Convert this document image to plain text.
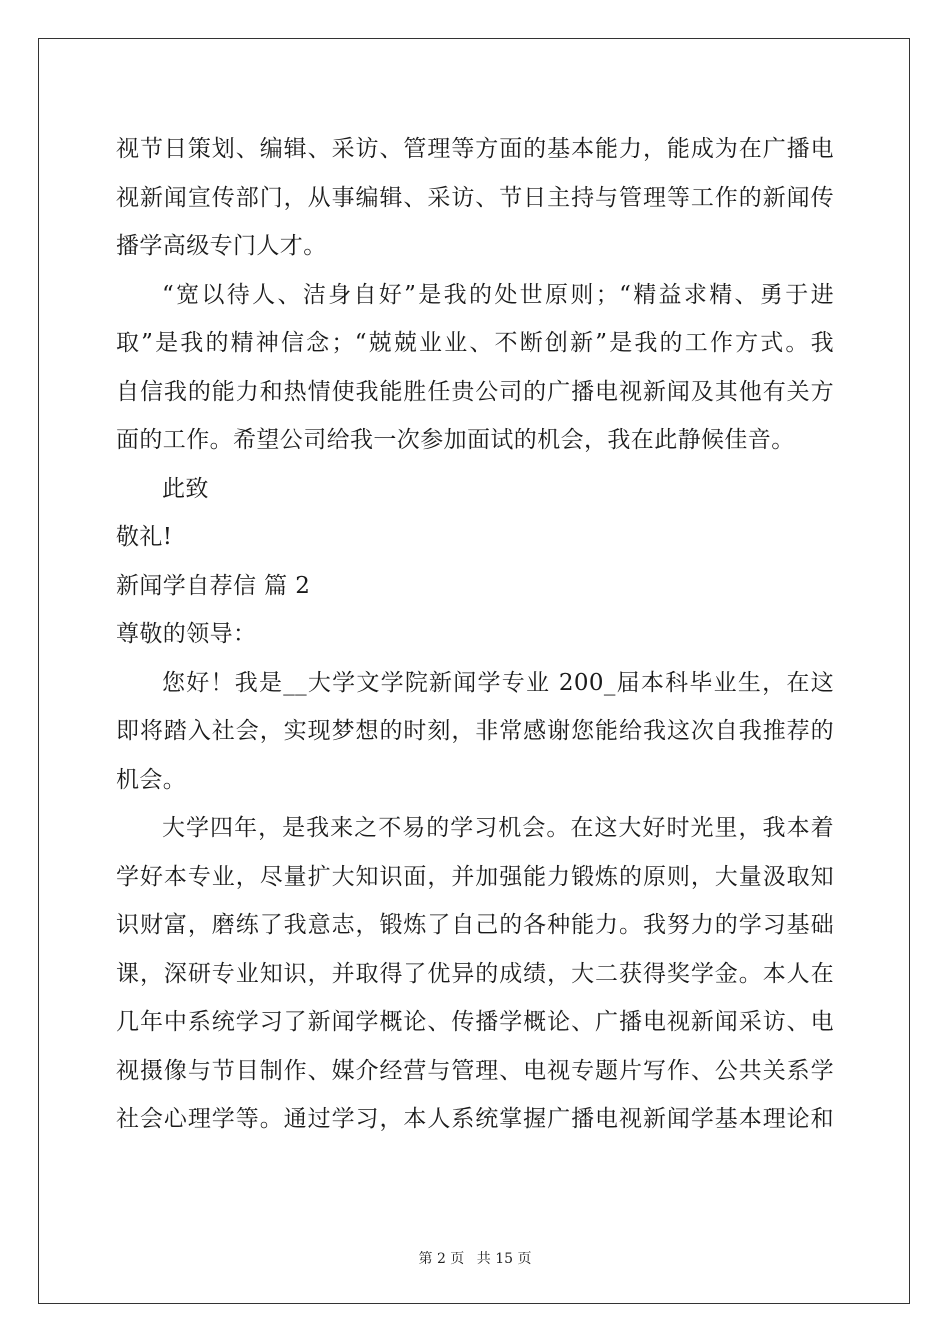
视节日策划、编辑、采访、管理等方面的基本能力，能成为在广播电
视新闻宣传部门，从事编辑、采访、节日主持与管理等工作的新闻传
播学高级专门人才。
“宽以待人、洁身自好”是我的处世原则；“精益求精、勇于进
取”是我的精神信念；“兢兢业业、不断创新”是我的工作方式。我
自信我的能力和热情使我能胜任贵公司的广播电视新闻及其他有关方
面的工作。希望公司给我一次参加面试的机会，我在此静候佳音。
此致
敬礼!
新闻学自荐信 篇 2
尊敬的领导：
您好！我是__大学文学院新闻学专业 200_届本科毕业生，在这
即将踏入社会，实现梦想的时刻，非常感谢您能给我这次自我推荐的
机会。
大学四年，是我来之不易的学习机会。在这大好时光里，我本着
学好本专业，尽量扩大知识面，并加强能力锻炼的原则，大量汲取知
识财富，磨练了我意志，锻炼了自己的各种能力。我努力的学习基础
课，深研专业知识，并取得了优异的成绩，大二获得奖学金。本人在
几年中系统学习了新闻学概论、传播学概论、广播电视新闻采访、电
视摄像与节目制作、媒介经营与管理、电视专题片写作、公共关系学
社会心理学等。通过学习，本人系统掌握广播电视新闻学基本理论和
第 2 页 共 15 页
